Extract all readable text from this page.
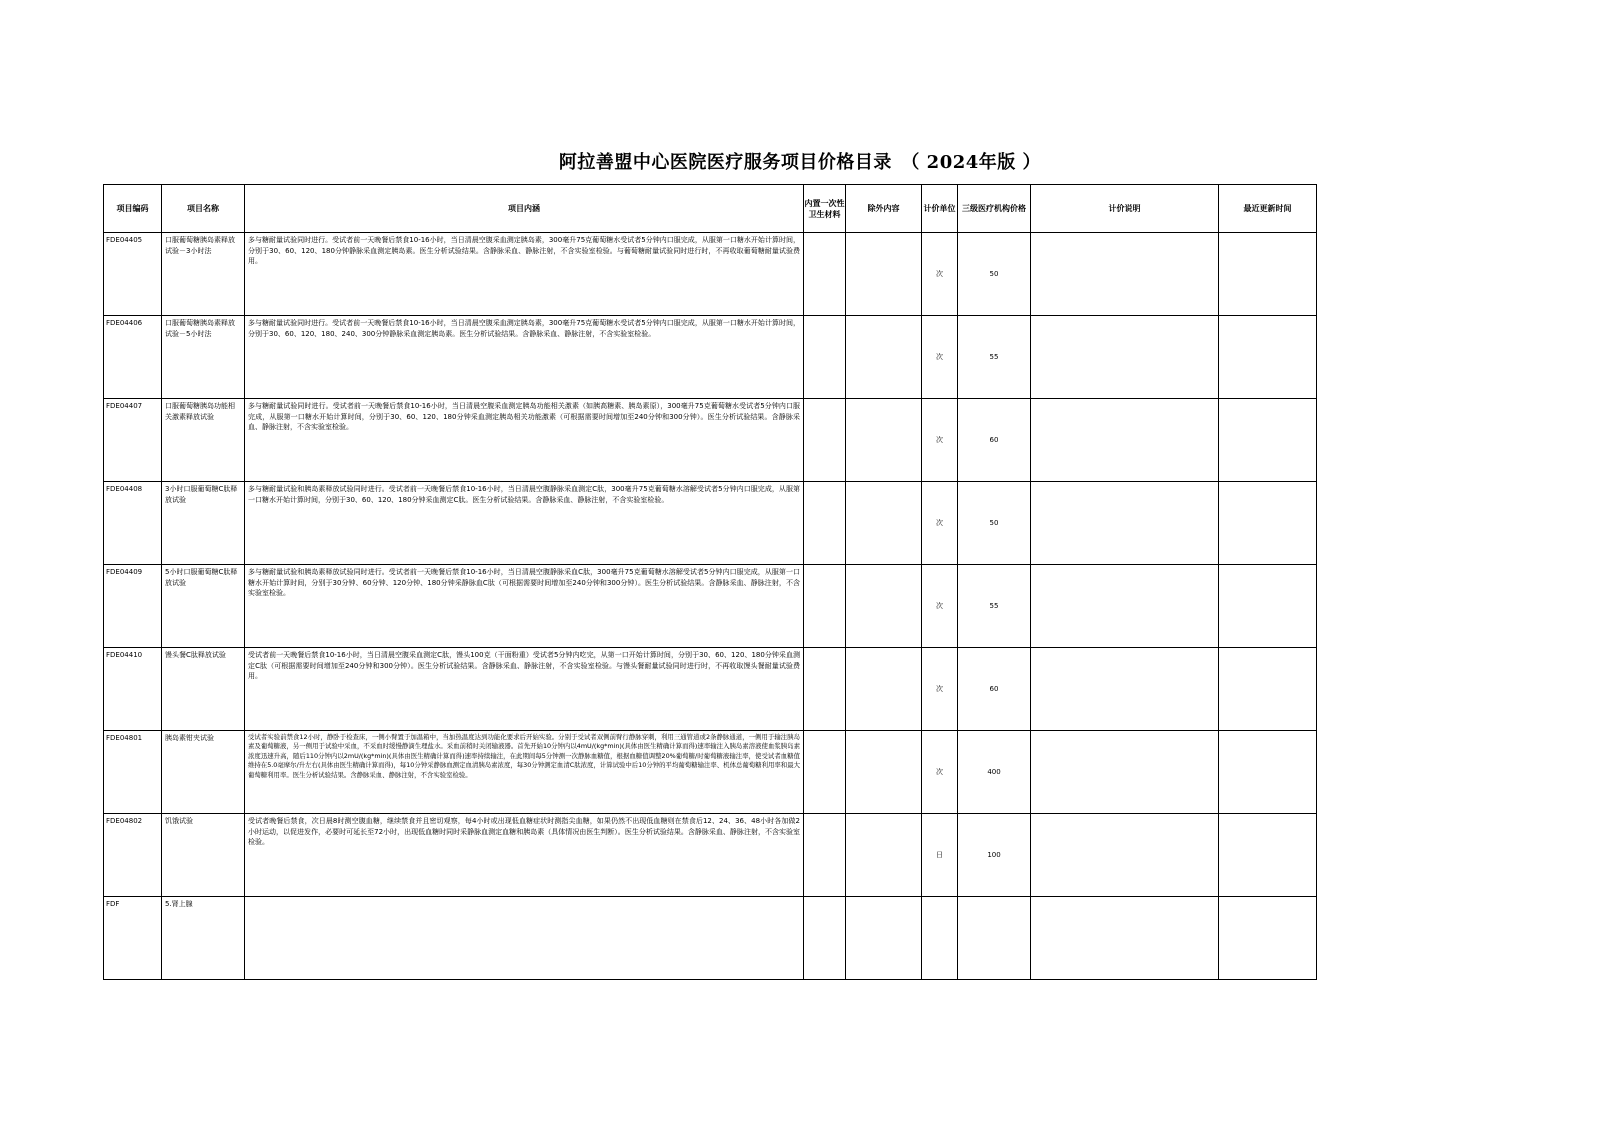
阿拉善盟中心医院医疗服务项目价格目录　（ 2024年版 ）
项目编码	项目名称	项目内涵	内置一次性卫生材料	除外内容	计价单位	三级医疗机构价格	计价说明	最近更新时间
FDE04405	口服葡萄糖胰岛素释放试验－3小时法	多与糖耐量试验同时进行。受试者前一天晚餐后禁食10-16小时，当日清晨空腹采血测定胰岛素，300毫升75克葡萄糖水受试者5分钟内口服完成，从服第一口糖水开始计算时间，分别于30、60、120、180分钟静脉采血测定胰岛素。医生分析试验结果。含静脉采血、静脉注射，不含实验室检验。与葡萄糖耐量试验同时进行时，不再收取葡萄糖耐量试验费用。			次	50		
FDE04406	口服葡萄糖胰岛素释放试验－5小时法	多与糖耐量试验同时进行。受试者前一天晚餐后禁食10-16小时，当日清晨空腹采血测定胰岛素，300毫升75克葡萄糖水受试者5分钟内口服完成，从服第一口糖水开始计算时间，分别于30、60、120、180、240、300分钟静脉采血测定胰岛素。医生分析试验结果。含静脉采血、静脉注射，不含实验室检验。			次	55		
FDE04407	口服葡萄糖胰岛功能相关激素释放试验	多与糖耐量试验同时进行。受试者前一天晚餐后禁食10-16小时，当日清晨空腹采血测定胰岛功能相关激素（如胰高糖素、胰岛素原），300毫升75克葡萄糖水受试者5分钟内口服完成，从服第一口糖水开始计算时间，分别于30、60、120、180分钟采血测定胰岛相关功能激素（可根据需要时间增加至240分钟和300分钟）。医生分析试验结果。含静脉采血、静脉注射，不含实验室检验。			次	60		
FDE04408	3小时口服葡萄糖C肽释放试验	多与糖耐量试验和胰岛素释放试验同时进行。受试者前一天晚餐后禁食10-16小时，当日清晨空腹静脉采血测定C肽，300毫升75克葡萄糖水溶解受试者5分钟内口服完成，从服第一口糖水开始计算时间，分别于30、60、120、180分钟采血测定C肽。医生分析试验结果。含静脉采血、静脉注射，不含实验室检验。			次	50		
FDE04409	5小时口服葡萄糖C肽释放试验	多与糖耐量试验和胰岛素释放试验同时进行。受试者前一天晚餐后禁食10-16小时，当日清晨空腹静脉采血C肽，300毫升75克葡萄糖水溶解受试者5分钟内口服完成，从服第一口糖水开始计算时间，分别于30分钟、60分钟、120分钟、180分钟采静脉血C肽（可根据需要时间增加至240分钟和300分钟）。医生分析试验结果。含静脉采血、静脉注射，不含实验室检验。			次	55		
FDE04410	馒头餐C肽释放试验	受试者前一天晚餐后禁食10-16小时，当日清晨空腹采血测定C肽，馒头100克（干面粉重）受试者5分钟内吃完，从第一口开始计算时间，分别于30、60、120、180分钟采血测定C肽（可根据需要时间增加至240分钟和300分钟）。医生分析试验结果。含静脉采血、静脉注射，不含实验室检验。与馒头餐耐量试验同时进行时，不再收取馒头餐耐量试验费用。			次	60		
FDE04801	胰岛素钳夹试验	受试者实验前禁食12小时，静卧于检查床，一侧小臂置于加温箱中，当加热温度达到功能化要求后开始实验。分别于受试者双侧前臂行静脉穿刺，利用三通管道或2条静脉通道，一侧用于输注胰岛素及葡萄糖液，另一侧用于试验中采血，不采血时缓慢静滴生理盐水。采血前稍时关闭输液器。首先开始10分钟内以4mU/(kg*min)(具体由医生精确计算而得)速率输注入胰岛素溶液使血浆胰岛素浓度迅速升高，随后110分钟内以2mU/(kg*min)(具体由医生精确计算而得)速率持续输注，在此期间每5分钟测一次静脉血糖值，根据血糖值调整20%葡萄糖/时葡萄糖液输注率，使受试者血糖值维持在5.0毫摩尔/升左右(具体由医生精确计算而得)，每10分钟采静脉血测定血清胰岛素浓度，每30分钟测定血清C肽浓度，计算试验中后10分钟的平均葡萄糖输注率、机体总葡萄糖利用率和最大葡萄糖利用率。医生分析试验结果。含静脉采血、静脉注射，不含实验室检验。			次	400		
FDE04802	饥饿试验	受试者晚餐后禁食，次日晨8时测空腹血糖，继续禁食并且密切观察，每4小时或出现低血糖症状时测指尖血糖，如果仍然不出现低血糖则在禁食后12、24、36、48小时各加做2小时运动，以促进发作，必要时可延长至72小时，出现低血糖时同时采静脉血测定血糖和胰岛素（具体情况由医生判断）。医生分析试验结果。含静脉采血、静脉注射，不含实验室检验。			日	100		
FDF	5.肾上腺							
